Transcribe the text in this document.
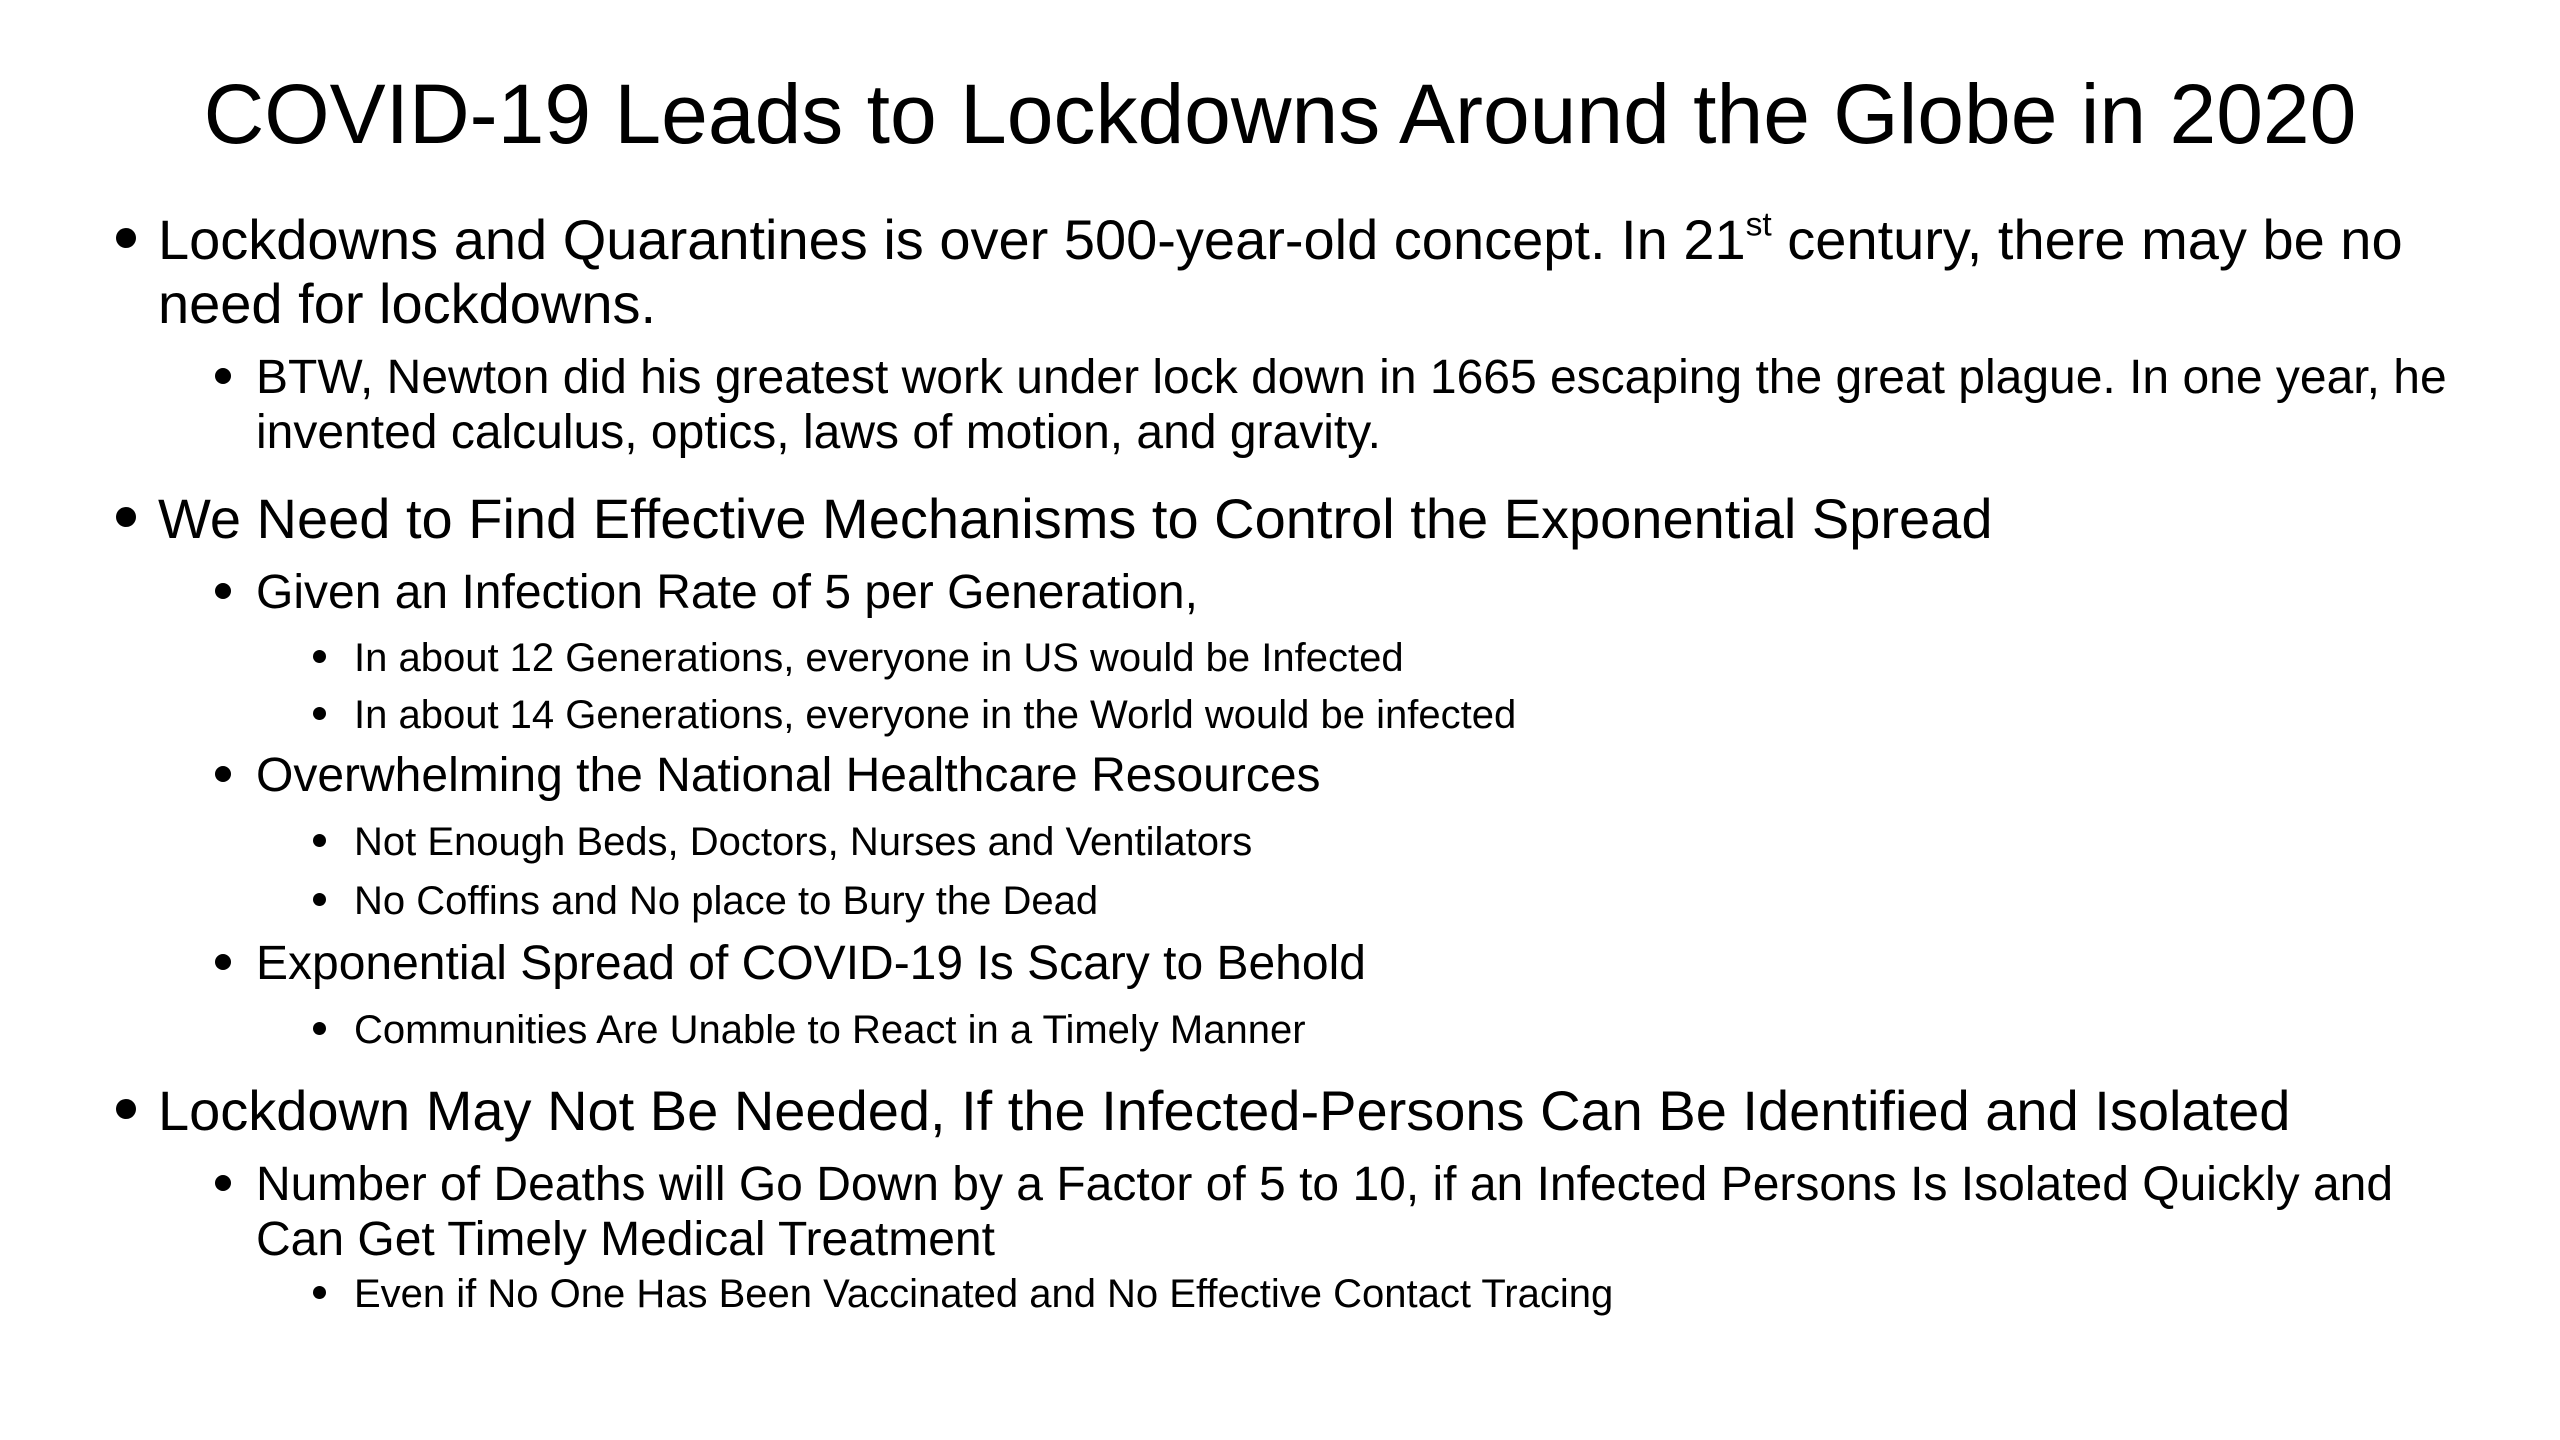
COVID-19 Leads to Lockdowns Around the Globe in 2020
Lockdowns and Quarantines is over 500-year-old concept. In 21st century, there may be no need for lockdowns.
BTW, Newton did his greatest work under lock down in 1665 escaping the great plague. In one year, he invented calculus, optics, laws of motion, and gravity.
We Need to Find Effective Mechanisms to Control the Exponential Spread
Given an Infection Rate of 5 per Generation,
In about 12 Generations, everyone in US would be Infected
In about 14 Generations, everyone in the World would be infected
Overwhelming the National Healthcare Resources
Not Enough Beds, Doctors, Nurses and Ventilators
No Coffins and No place to Bury the Dead
Exponential Spread of COVID-19 Is Scary to Behold
Communities Are Unable to React in a Timely Manner
Lockdown May Not Be Needed, If the Infected-Persons Can Be Identified and Isolated
Number of Deaths will Go Down by a Factor of 5 to 10, if an Infected Persons Is Isolated Quickly and Can Get Timely Medical Treatment
Even if No One Has Been Vaccinated and No Effective Contact Tracing
